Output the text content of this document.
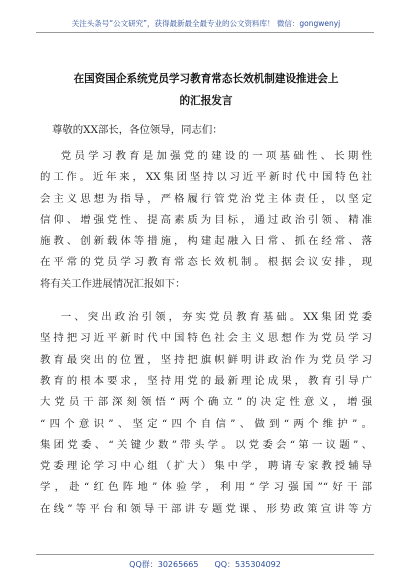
关注头条号“公文研究”，获得最新最全最专业的公文资料库！ 微信：gongwenyj
在国资国企系统党员学习教育常态长效机制建设推进会上
的汇报发言
尊敬的XX部长，各位领导，同志们：
党员学习教育是加强党的建设的一项基础性、长期性
的工作。近年来，XX集团坚持以习近平新时代中国特色社
会主义思想为指导，严格履行管党治党主体责任，以坚定
信仰、增强党性、提高素质为目标，通过政治引领、精准
施教、创新载体等措施，构建起融入日常、抓在经常、落
在平常的党员学习教育常态长效机制。根据会议安排，现
将有关工作进展情况汇报如下：
一、突出政治引领，夯实党员教育基础。XX集团党委
坚持把习近平新时代中国特色社会主义思想作为党员学习
教育最突出的位置，坚持把旗帜鲜明讲政治作为党员学习
教育的根本要求，坚持用党的最新理论成果，教育引导广
大党员干部深刻领悟“两个确立”的决定性意义，增强
“四个意识”、坚定“四个自信”、做到“两个维护”。
集团党委、“关键少数”带头学。以党委会“第一议题”、
党委理论学习中心组（扩大）集中学，聘请专家教授辅导
学，赴“红色阵地”体验学，利用“学习强国”“好干部
在线”等平台和领导干部讲专题党课、形势政策宣讲等方
QQ群：30265665　　QQ：535304092
